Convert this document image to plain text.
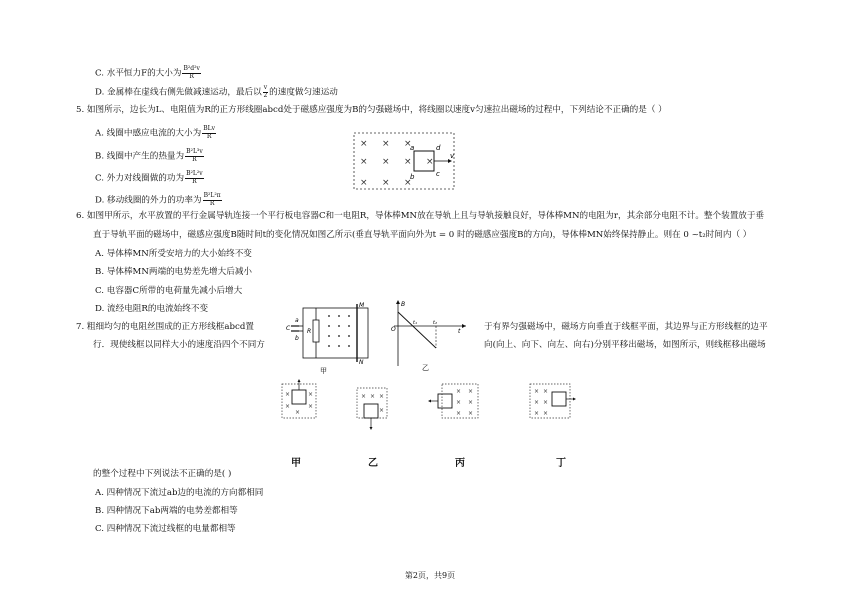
C. 水平恒力F的大小为 $\frac{\text{B²d²v}}{R}$
D. 金属棒在虚线右侧先做减速运动，最后以 $\frac{v}{2}$ 的速度做匀速运动
5. 如图所示，边长为L、电阻值为R的正方形线圈abcd处于磁感应强度为B的匀强磁场中，将线圈以速度v匀速拉出磁场的过程中，下列结论不正确的是（ ）
A. 线圈中感应电流的大小为 $\frac{\text{BLv}}{R}$
B. 线圈中产生的热量为 $\frac{\text{B²L³v}}{R}$
C. 外力对线圈做的功为 $\frac{\text{B²L²v}}{R}$
D. 移动线圈的外力的功率为 $\frac{\text{B²L²π}}{R}$
× × ×
× × × ×
× × ×
a	d
v
b	c
6. 如图甲所示，水平放置的平行金属导轨连接一个平行板电容器C和一电阻R，导体棒MN放在导轨上且与导轨接触良好，导体棒MN的电阻为r，其余部分电阻不计。整个装置放于垂
直于导轨平面的磁场中，磁感应强度B随时间t的变化情况如图乙所示(垂直导轨平面向外为t = 0 时的磁感应强度B的方向)，导体棒MN始终保持静止。则在 0 ~t₂时间内（ ）
A. 导体棒MN所受安培力的大小始终不变
B. 导体棒MN两端的电势差先增大后减小
C. 电容器C所带的电荷量先减小后增大
D. 流经电阻R的电流始终不变
a
b
C	R
M
N
甲
B
O
t₁	t₂
t
乙
7. 粗细均匀的电阻丝围成的正方形线框abcd置	于有界匀强磁场中，磁场方向垂直于线框平面，其边界与正方形线框的边平
行．现使线框以同样大小的速度沿四个不同方	向(向上、向下、向左、向右)分别平移出磁场，如图所示，则线框移出磁场
×	×
×
×
×
× × ×
×
× ×
× ×
× ×
× ×
× ×
× ×
甲	乙	丙	丁
的整个过程中下列说法不正确的是( )
A. 四种情况下流过ab边的电流的方向都相同
B. 四种情况下ab两端的电势差都相等
C. 四种情况下流过线框的电量都相等
第2页，共9页
